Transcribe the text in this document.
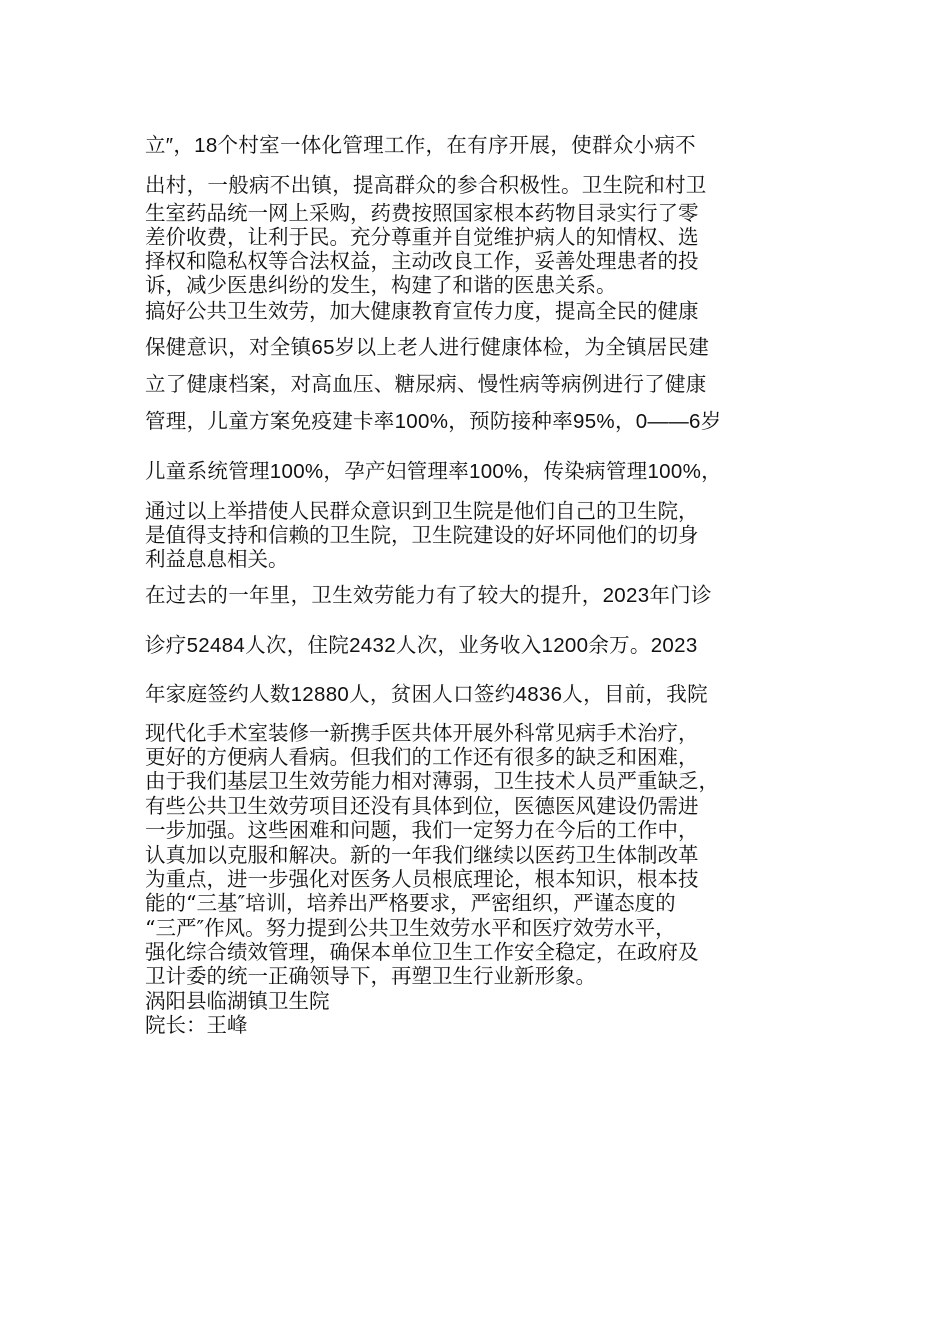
立″，18个村室一体化管理工作，在有序开展，使群众小病不

出村，一般病不出镇，提高群众的参合积极性。卫生院和村卫

生室药品统一网上采购，药费按照国家根本药物目录实行了零

差价收费，让利于民。充分尊重并自觉维护病人的知情权、选

择权和隐私权等合法权益，主动改良工作，妥善处理患者的投

诉，减少医患纠纷的发生，构建了和谐的医患关系。

搞好公共卫生效劳，加大健康教育宣传力度，提高全民的健康

保健意识，对全镇65岁以上老人进行健康体检，为全镇居民建

立了健康档案，对高血压、糖尿病、慢性病等病例进行了健康

管理，儿童方案免疫建卡率100%，预防接种率95%，0——6岁

儿童系统管理100%，孕产妇管理率100%，传染病管理100%，

通过以上举措使人民群众意识到卫生院是他们自己的卫生院，

是值得支持和信赖的卫生院，卫生院建设的好坏同他们的切身

利益息息相关。

在过去的一年里，卫生效劳能力有了较大的提升，2023年门诊

诊疗52484人次，住院2432人次，业务收入1200余万。2023

年家庭签约人数12880人，贫困人口签约4836人，目前，我院

现代化手术室装修一新携手医共体开展外科常见病手术治疗，

更好的方便病人看病。但我们的工作还有很多的缺乏和困难，

由于我们基层卫生效劳能力相对薄弱，卫生技术人员严重缺乏，

有些公共卫生效劳项目还没有具体到位，医德医风建设仍需进

一步加强。这些困难和问题，我们一定努力在今后的工作中，

认真加以克服和解决。新的一年我们继续以医药卫生体制改革

为重点，进一步强化对医务人员根底理论，根本知识，根本技

能的“三基″培训，培养出严格要求，严密组织，严谨态度的

“三严″作风。努力提到公共卫生效劳水平和医疗效劳水平，

强化综合绩效管理，确保本单位卫生工作安全稳定，在政府及

卫计委的统一正确领导下，再塑卫生行业新形象。

涡阳县临湖镇卫生院

院长：王峰
